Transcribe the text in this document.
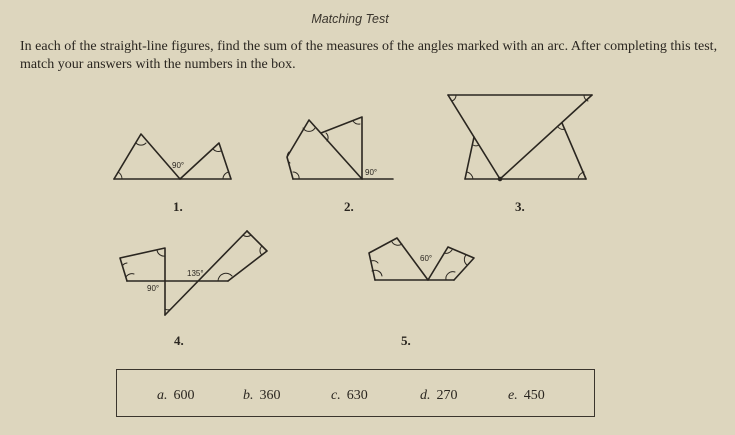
Matching Test
In each of the straight-line figures, find the sum of the measures of the angles marked with an arc. After completing this test, match your answers with the numbers in the box.
90°
90°
135°
90°
60°
1.	2.	3.
4.	5.
a. 600	b. 360	c. 630	d. 270	e. 450
